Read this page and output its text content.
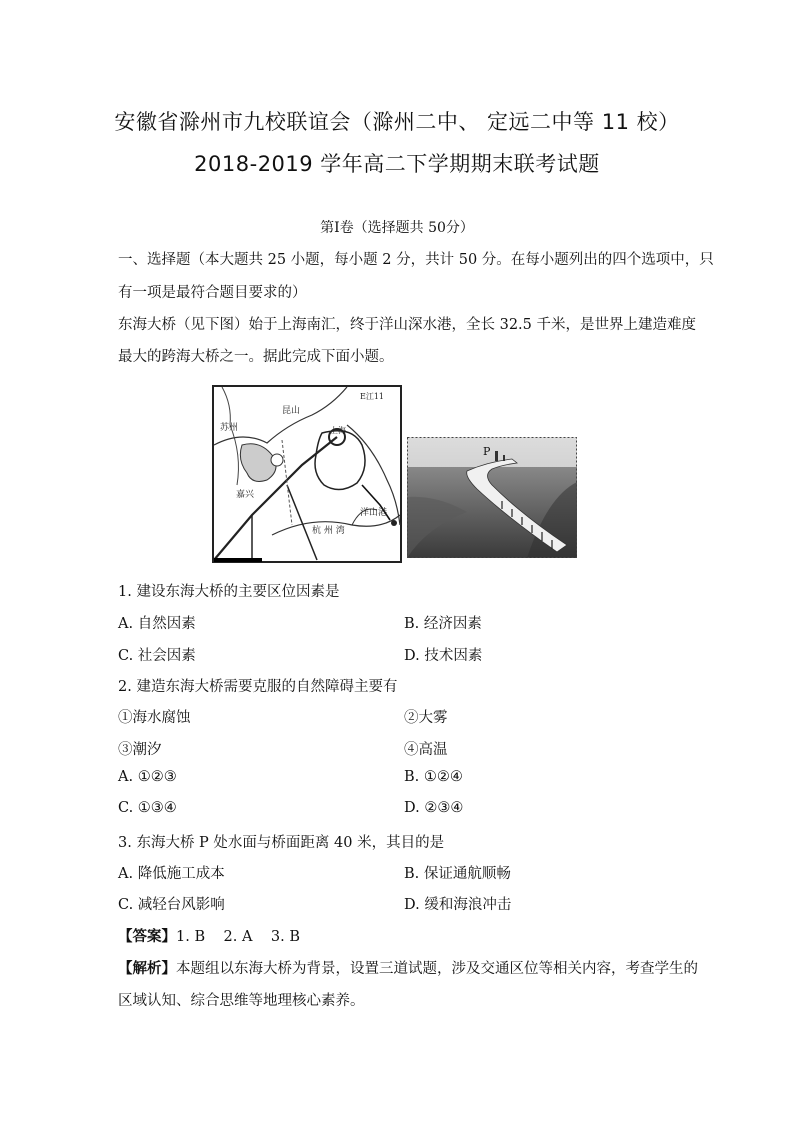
安徽省滁州市九校联谊会（滁州二中、 定远二中等 11 校）
2018-2019 学年高二下学期期末联考试题
第Ⅰ卷（选择题共 50分）
一、选择题（本大题共 25 小题，每小题 2 分，共计 50 分。在每小题列出的四个选项中，只
有一项是最符合题目要求的）
东海大桥（见下图）始于上海南汇，终于洋山深水港，全长 32.5 千米，是世界上建造难度
最大的跨海大桥之一。据此完成下面小题。
E江11
昆山
苏州	上海
嘉兴
洋山港
杭 州 湾
P
1. 建设东海大桥的主要区位因素是
A. 自然因素	B. 经济因素
C. 社会因素	D. 技术因素
2. 建造东海大桥需要克服的自然障碍主要有
①海水腐蚀	②大雾
③潮汐	④高温
A. ①②③	B. ①②④
C. ①③④	D. ②③④
3. 东海大桥 P 处水面与桥面距离 40 米，其目的是
A. 降低施工成本	B. 保证通航顺畅
C. 减轻台风影响	D. 缓和海浪冲击
【答案】1. B    2. A    3. B
【解析】本题组以东海大桥为背景，设置三道试题，涉及交通区位等相关内容，考查学生的
区域认知、综合思维等地理核心素养。
